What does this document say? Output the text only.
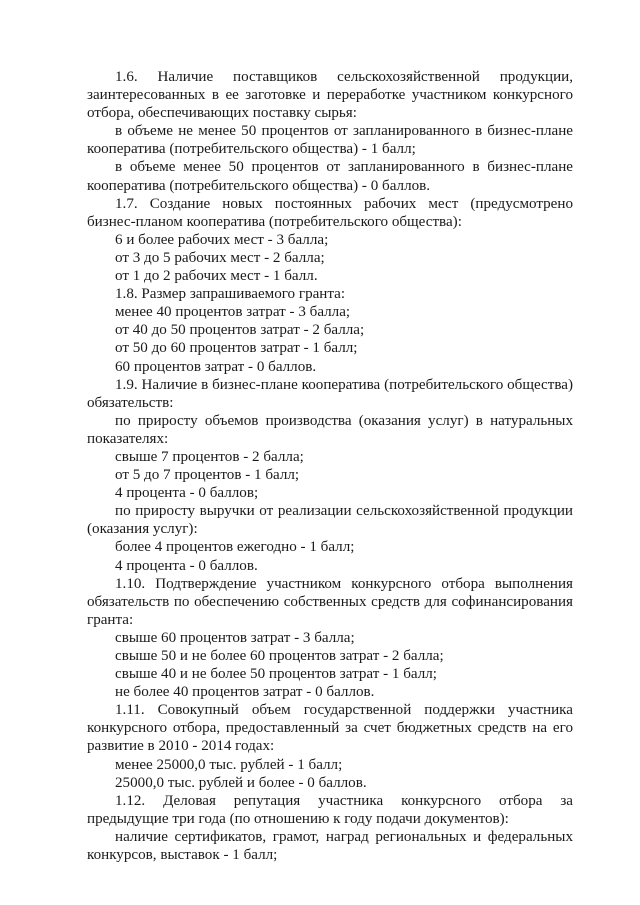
1.6. Наличие поставщиков сельскохозяйственной продукции, заинтересованных в ее заготовке и переработке участником конкурсного отбора, обеспечивающих поставку сырья:

в объеме не менее 50 процентов от запланированного в бизнес-плане кооператива (потребительского общества) - 1 балл;

в объеме менее 50 процентов от запланированного в бизнес-плане кооператива (потребительского общества) - 0 баллов.

1.7. Создание новых постоянных рабочих мест (предусмотрено бизнес-планом кооператива (потребительского общества):

6 и более рабочих мест - 3 балла;

от 3 до 5 рабочих мест - 2 балла;

от 1 до 2 рабочих мест - 1 балл.

1.8. Размер запрашиваемого гранта:

менее 40 процентов затрат - 3 балла;

от 40 до 50 процентов затрат - 2 балла;

от 50 до 60 процентов затрат - 1 балл;

60 процентов затрат - 0 баллов.

1.9. Наличие в бизнес-плане кооператива (потребительского общества) обязательств:

по приросту объемов производства (оказания услуг) в натуральных показателях:

свыше 7 процентов - 2 балла;

от 5 до 7 процентов - 1 балл;

4 процента - 0 баллов;

по приросту выручки от реализации сельскохозяйственной продукции (оказания услуг):

более 4 процентов ежегодно - 1 балл;

4 процента - 0 баллов.

1.10. Подтверждение участником конкурсного отбора выполнения обязательств по обеспечению собственных средств для софинансирования гранта:

свыше 60 процентов затрат - 3 балла;

свыше 50 и не более 60 процентов затрат - 2 балла;

свыше 40 и не более 50 процентов затрат - 1 балл;

не более 40 процентов затрат - 0 баллов.

1.11. Совокупный объем государственной поддержки участника конкурсного отбора, предоставленный за счет бюджетных средств на его развитие в 2010 - 2014 годах:

менее 25000,0 тыс. рублей - 1 балл;

25000,0 тыс. рублей и более - 0 баллов.

1.12. Деловая репутация участника конкурсного отбора за предыдущие три года (по отношению к году подачи документов):

наличие сертификатов, грамот, наград региональных и федеральных конкурсов, выставок - 1 балл;
